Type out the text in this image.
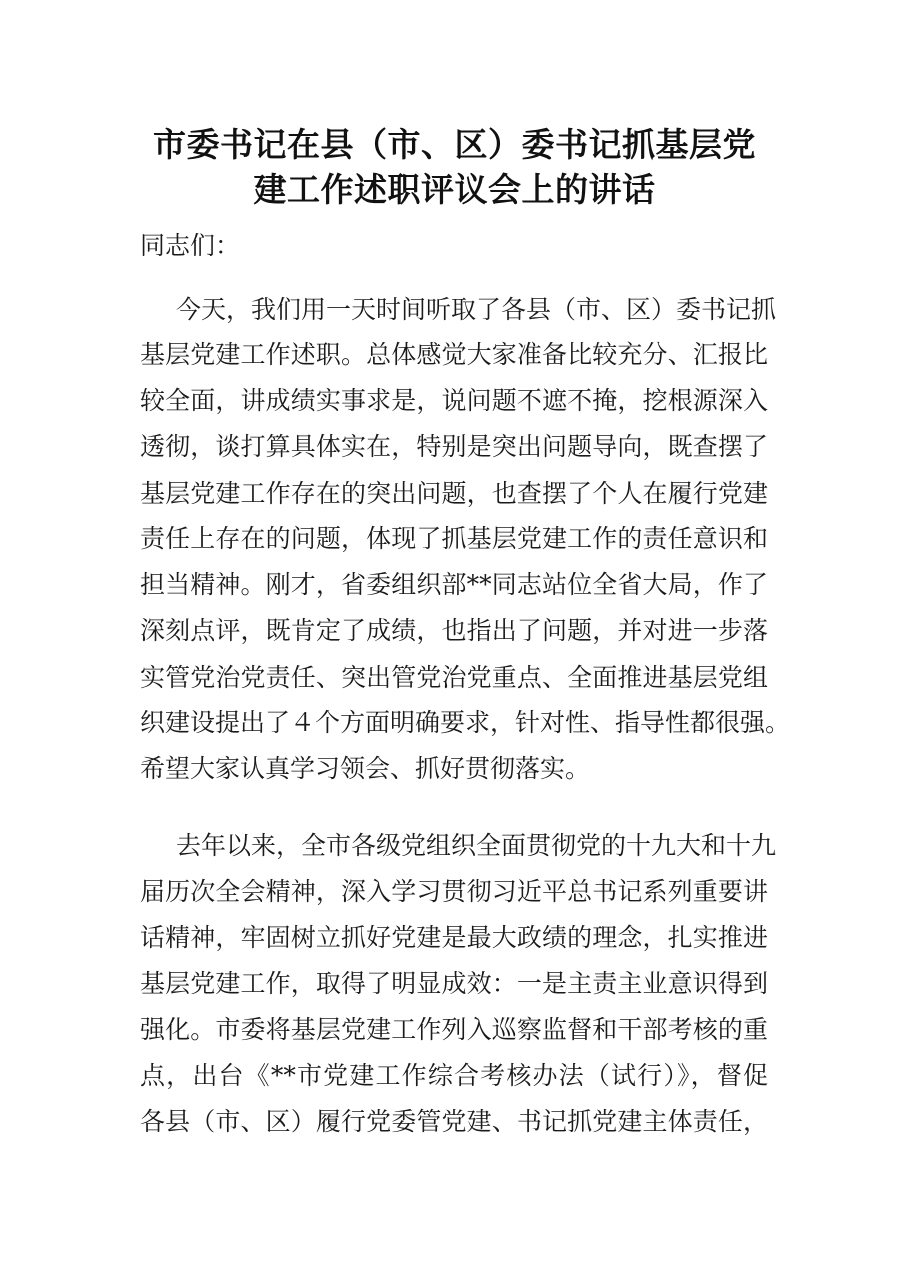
市委书记在县（市、区）委书记抓基层党
建工作述职评议会上的讲话
同志们：
今天，我们用一天时间听取了各县（市、区）委书记抓
基层党建工作述职。总体感觉大家准备比较充分、汇报比
较全面，讲成绩实事求是，说问题不遮不掩，挖根源深入
透彻，谈打算具体实在，特别是突出问题导向，既查摆了
基层党建工作存在的突出问题，也查摆了个人在履行党建
责任上存在的问题，体现了抓基层党建工作的责任意识和
担当精神。刚才，省委组织部**同志站位全省大局，作了
深刻点评，既肯定了成绩，也指出了问题，并对进一步落
实管党治党责任、突出管党治党重点、全面推进基层党组
织建设提出了４个方面明确要求，针对性、指导性都很强。
希望大家认真学习领会、抓好贯彻落实。
去年以来，全市各级党组织全面贯彻党的十九大和十九
届历次全会精神，深入学习贯彻习近平总书记系列重要讲
话精神，牢固树立抓好党建是最大政绩的理念，扎实推进
基层党建工作，取得了明显成效：一是主责主业意识得到
强化。市委将基层党建工作列入巡察监督和干部考核的重
点，出台《**市党建工作综合考核办法（试行）》，督促
各县（市、区）履行党委管党建、书记抓党建主体责任，
